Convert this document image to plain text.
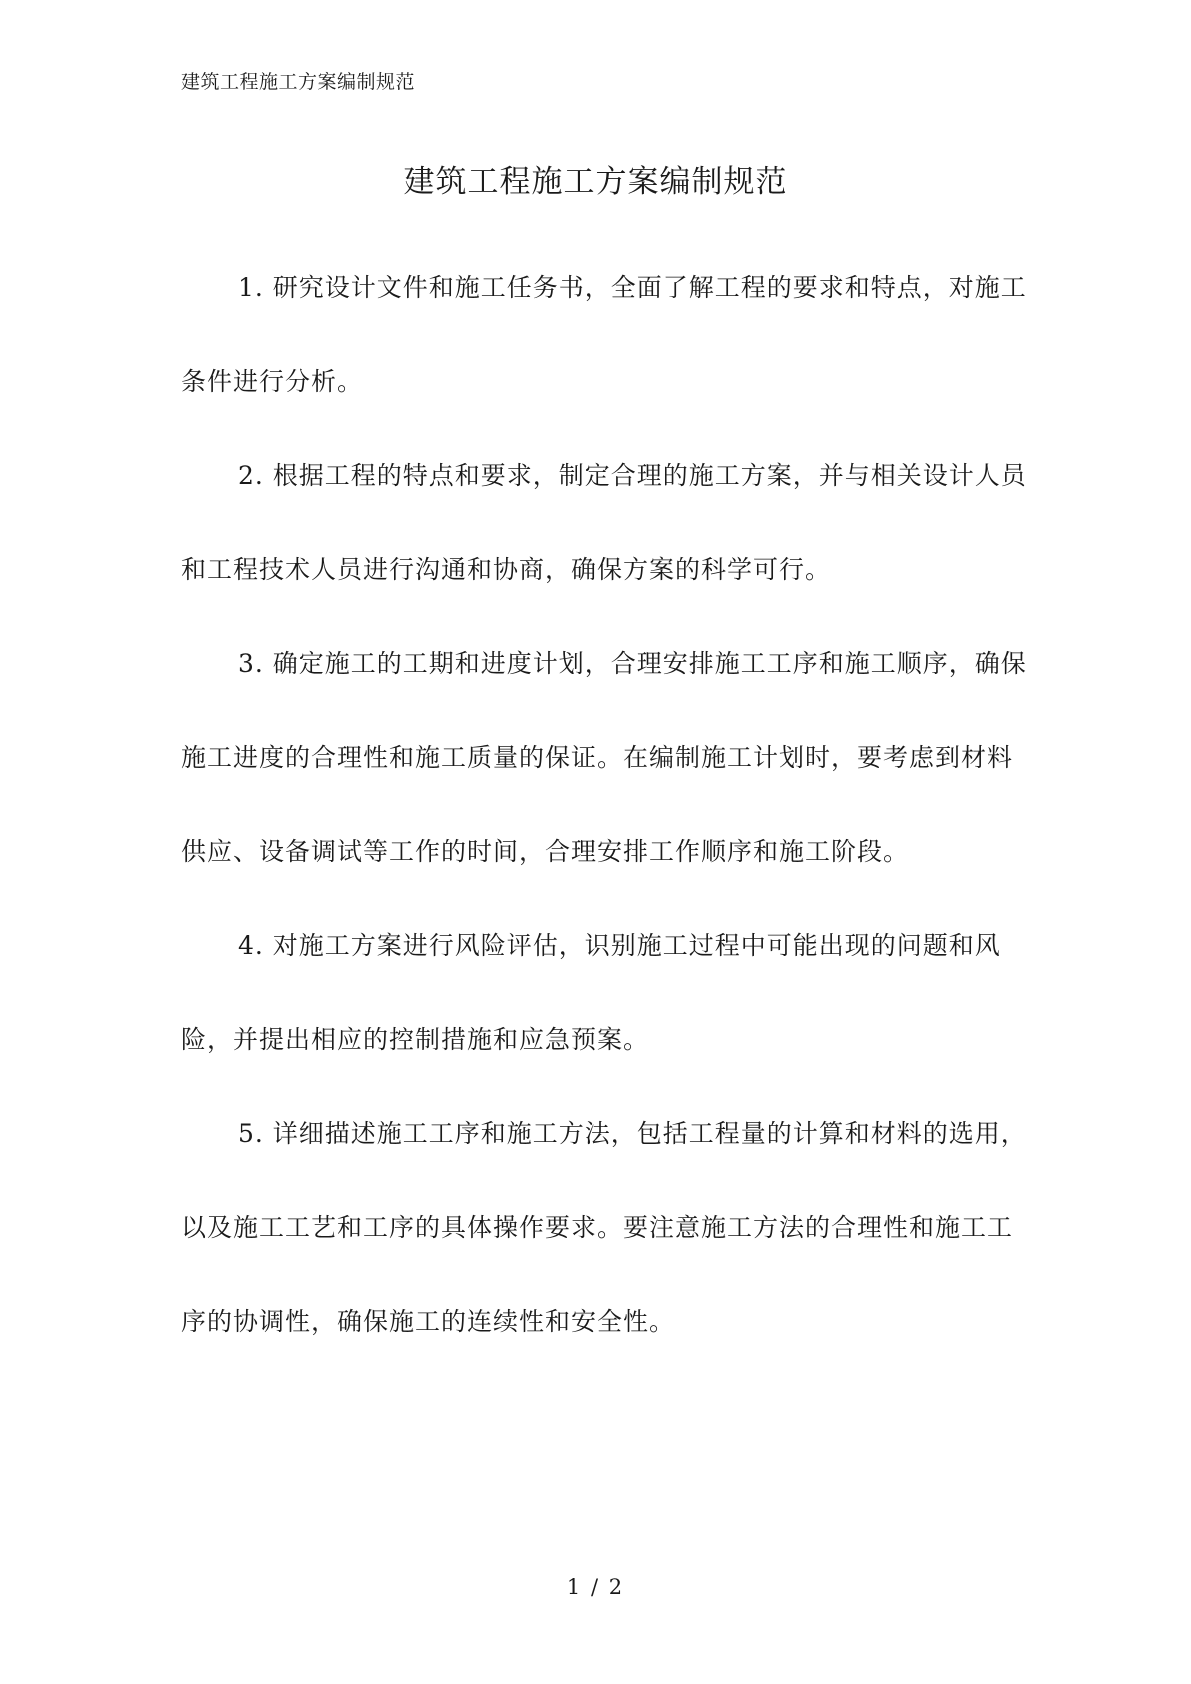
建筑工程施工方案编制规范
建筑工程施工方案编制规范

1. 研究设计文件和施工任务书，全面了解工程的要求和特点，对施工条件进行分析。

2. 根据工程的特点和要求，制定合理的施工方案，并与相关设计人员和工程技术人员进行沟通和协商，确保方案的科学可行。

3. 确定施工的工期和进度计划，合理安排施工工序和施工顺序，确保施工进度的合理性和施工质量的保证。在编制施工计划时，要考虑到材料供应、设备调试等工作的时间，合理安排工作顺序和施工阶段。

4. 对施工方案进行风险评估，识别施工过程中可能出现的问题和风险，并提出相应的控制措施和应急预案。

5. 详细描述施工工序和施工方法，包括工程量的计算和材料的选用，以及施工工艺和工序的具体操作要求。要注意施工方法的合理性和施工工序的协调性，确保施工的连续性和安全性。

1 / 2
